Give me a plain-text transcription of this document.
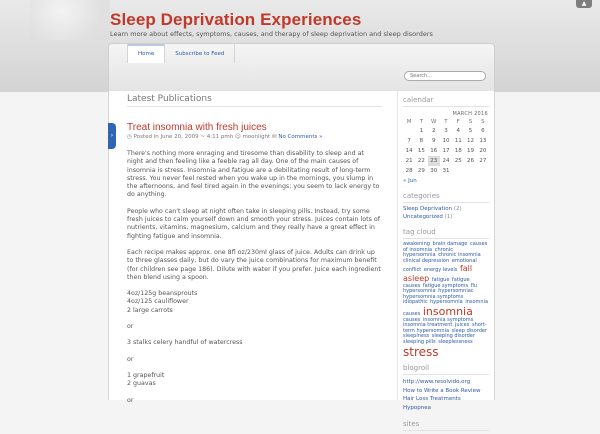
▲
Sleep Deprivation Experiences
Learn more about effects, symptoms, causes, and therapy of sleep deprivation and sleep disorders
Home	Subscribe to Feed
Search...
Latest Publications
›
Treat insomnia with fresh juices
◷ Posted in June 20, 2009 ~ 4:11 pmh ☺ moonlight ✉ No Comments »

There's nothing more enraging and tiresome than disability to sleep and at night and then feeling like a feeble rag all day. One of the main causes of insomnia is stress. Insomnia and fatigue are a debilitating result of long-term stress. You never feel rested when you wake up in the mornings, you slump in the afternoons, and feel tired again in the evenings; you seem to lack energy to do anything.

People who can't sleep at night often take in sleeping pills. Instead, try some fresh juices to calm yourself down and smooth your stress. Juices contain lots of nutrients, vitamins, magnesium, calcium and they really have a great effect in fighting fatigue and insomnia.

Each recipe makes approx. one 8fl oz/230ml glass of juice. Adults can drink up to three glasses daily, but do vary the juice combinations for maximum benefit (for children see page 186). Dilute with water if you prefer. Juice each ingredient then blend using a spoon.

4oz/125g beansprouts
4oz/125 cauliflower
2 large carrots

or

3 stalks celery handful of watercress

or

1 grapefruit
2 guavas

or

calendar
MARCH 2016
M	T	W	T	F	S	S
	1	2	3	4	5	6
7	8	9	10	11	12	13
14	15	16	17	18	19	20
21	22	23	24	25	26	27
28	29	30	31			
« Jun
categories
Sleep Deprivation (2)
Uncategorized (1)
tag cloud
awakening brain damage causes of insomnia chronic hypersomnia chronic insomnia clinical depression emotional conflict energy levels fall asleep fatigue fatigue causes fatigue symptoms flu hypersomnia hypersomniac hypersomnia symptoms idiopathic hypersomnia insomnia causes insomnia causes insomnia symptoms insomnia treatment juices short-term hypersomnia sleep disorder sleepiness sleeping disorder sleeping pills sleeplessness stress
blogroll
http://www.resolvido.org
How to Write a Book Review
Hair Loss Treatments
Hypopnea
sites
